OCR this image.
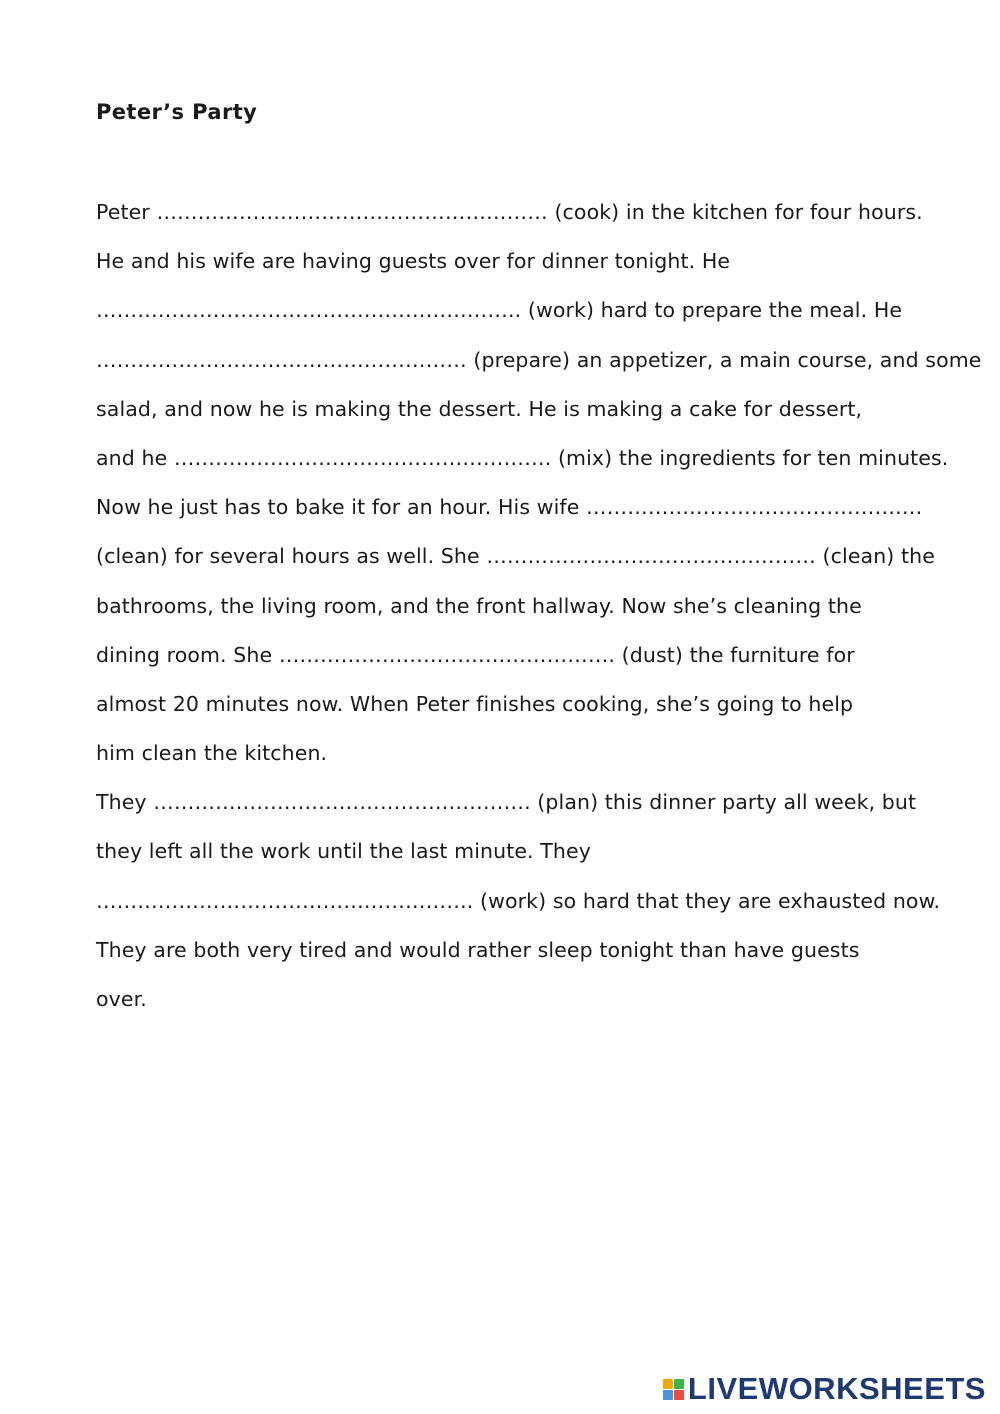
Peter’s Party
Peter ………………………………………………… (cook) in the kitchen for four hours.
He and his wife are having guests over for dinner tonight. He
…………………………………………………….. (work) hard to prepare the meal. He
……………………………………………… (prepare) an appetizer, a main course, and some
salad, and now he is making the dessert. He is making a cake for dessert,
and he ………………………………………………. (mix) the ingredients for ten minutes.
Now he just has to bake it for an hour. His wife ………………………………………….
(clean) for several hours as well. She ………………………………………… (clean) the
bathrooms, the living room, and the front hallway. Now she’s cleaning the
dining room. She …………………………………………. (dust) the furniture for
almost 20 minutes now. When Peter finishes cooking, she’s going to help
him clean the kitchen.
They ………………………………………………. (plan) this dinner party all week, but
they left all the work until the last minute. They
………………………………………………. (work) so hard that they are exhausted now.
They are both very tired and would rather sleep tonight than have guests
over.
LIVEWORKSHEETS
